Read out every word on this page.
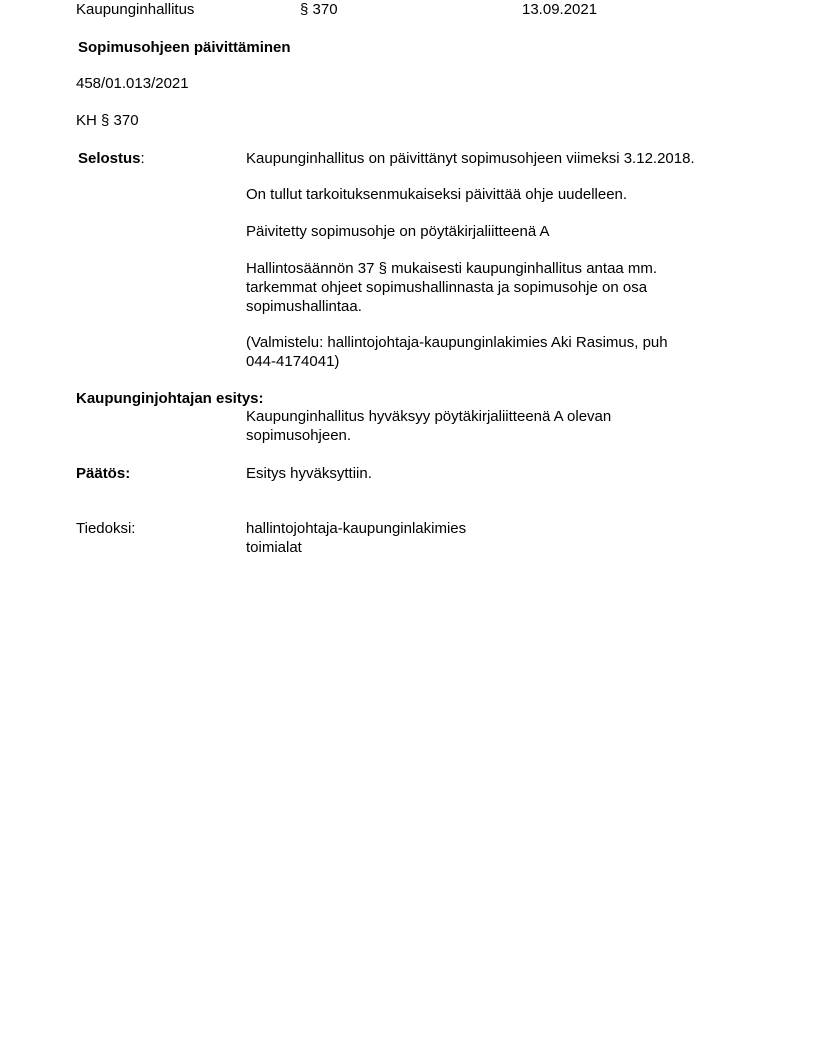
Kaupunginhallitus	§ 370	13.09.2021
Sopimusohjeen päivittäminen
458/01.013/2021
KH § 370
Selostus:	Kaupunginhallitus on päivittänyt sopimusohjeen viimeksi 3.12.2018.
On tullut tarkoituksenmukaiseksi päivittää ohje uudelleen.
Päivitetty sopimusohje on pöytäkirjaliitteenä A

Hallintosäännön 37 § mukaisesti kaupunginhallitus antaa mm.

tarkemmat ohjeet sopimushallinnasta ja sopimusohje on osa

sopimushallintaa.

(Valmistelu: hallintojohtaja-kaupunginlakimies Aki Rasimus, puh

044-4174041)

Kaupunginjohtajan esitys:

Kaupunginhallitus hyväksyy pöytäkirjaliitteenä A olevan

sopimusohjeen.

Päätös:	Esitys hyväksyttiin.
Tiedoksi:	hallintojohtaja-kaupunginlakimies

toimialat
